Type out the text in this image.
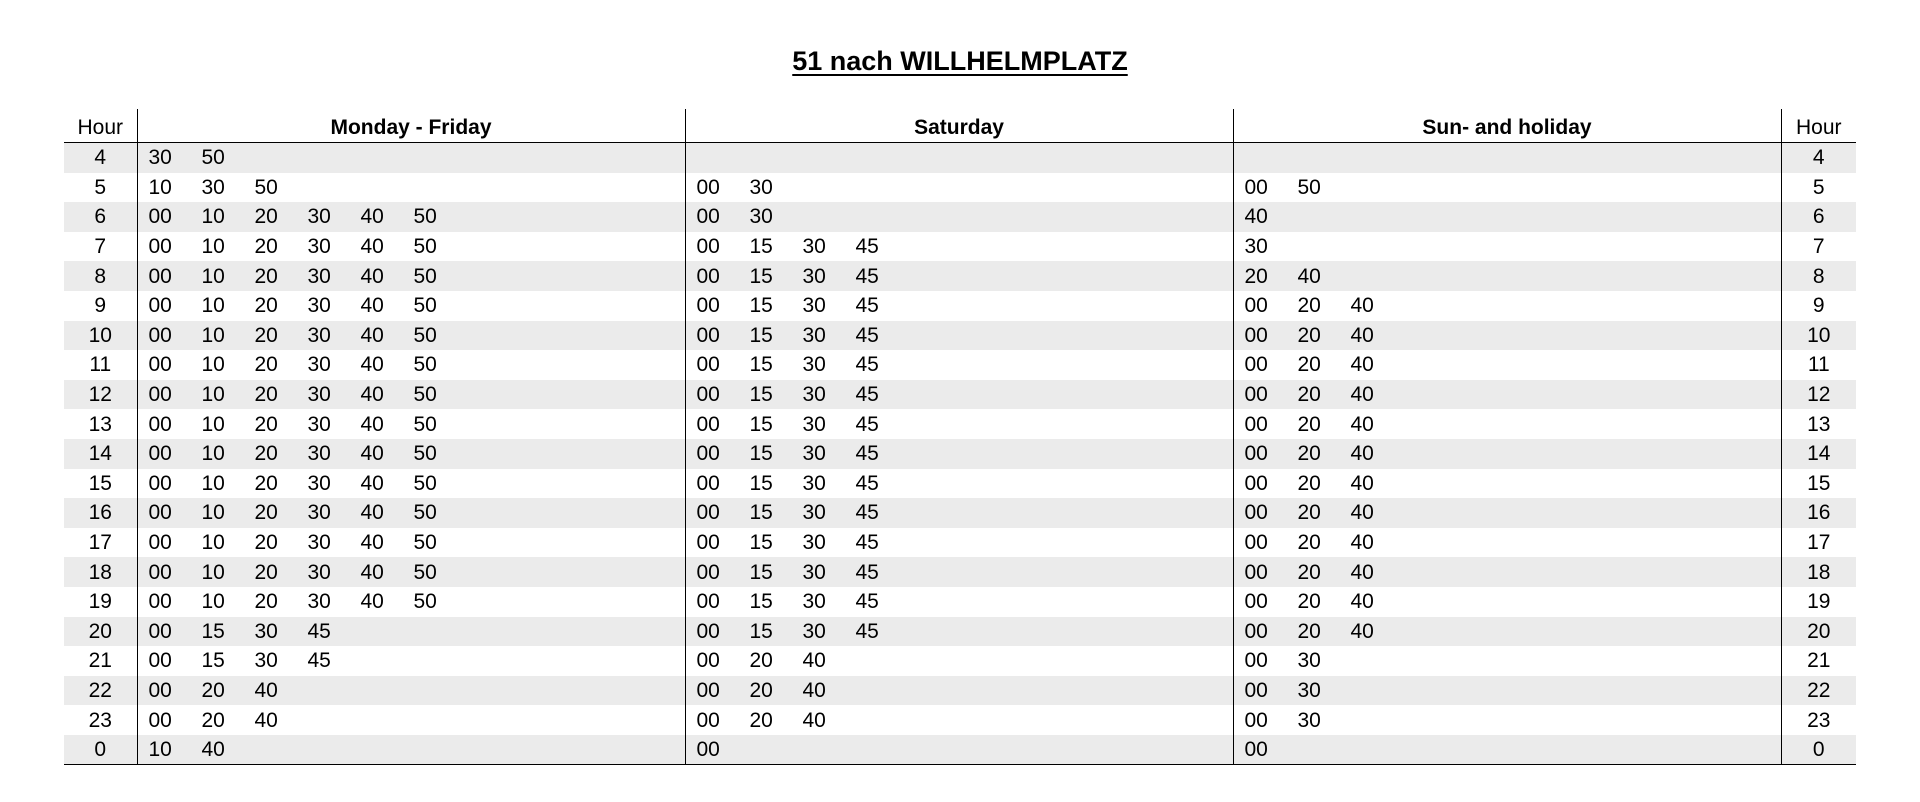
51 nach WILLHELMPLATZ
Hour	Monday - Friday	Saturday	Sun- and holiday	Hour
4	30 50			4
5	10 30 50	00 30	00 50	5
6	00 10 20 30 40 50	00 30	40	6
7	00 10 20 30 40 50	00 15 30 45	30	7
8	00 10 20 30 40 50	00 15 30 45	20 40	8
9	00 10 20 30 40 50	00 15 30 45	00 20 40	9
10	00 10 20 30 40 50	00 15 30 45	00 20 40	10
11	00 10 20 30 40 50	00 15 30 45	00 20 40	11
12	00 10 20 30 40 50	00 15 30 45	00 20 40	12
13	00 10 20 30 40 50	00 15 30 45	00 20 40	13
14	00 10 20 30 40 50	00 15 30 45	00 20 40	14
15	00 10 20 30 40 50	00 15 30 45	00 20 40	15
16	00 10 20 30 40 50	00 15 30 45	00 20 40	16
17	00 10 20 30 40 50	00 15 30 45	00 20 40	17
18	00 10 20 30 40 50	00 15 30 45	00 20 40	18
19	00 10 20 30 40 50	00 15 30 45	00 20 40	19
20	00 15 30 45	00 15 30 45	00 20 40	20
21	00 15 30 45	00 20 40	00 30	21
22	00 20 40	00 20 40	00 30	22
23	00 20 40	00 20 40	00 30	23
0	10 40	00	00	0
